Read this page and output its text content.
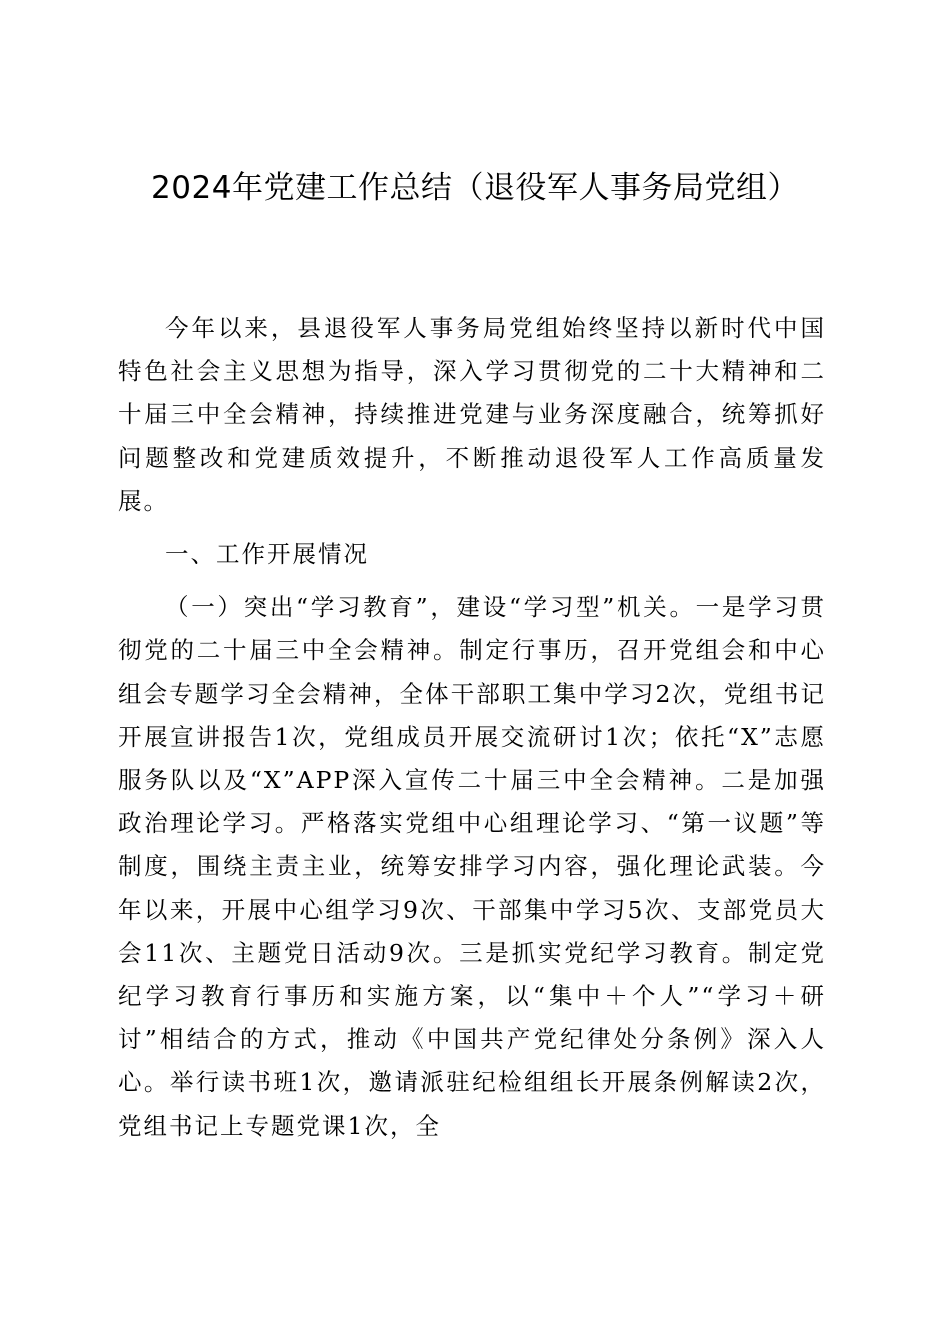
2024年党建工作总结（退役军人事务局党组）

今年以来，县退役军人事务局党组始终坚持以新时代中国特色社会主义思想为指导，深入学习贯彻党的二十大精神和二十届三中全会精神，持续推进党建与业务深度融合，统筹抓好问题整改和党建质效提升，不断推动退役军人工作高质量发展。

一、工作开展情况

（一）突出“学习教育”，建设“学习型”机关。一是学习贯彻党的二十届三中全会精神。制定行事历，召开党组会和中心组会专题学习全会精神，全体干部职工集中学习2次，党组书记开展宣讲报告1次，党组成员开展交流研讨1次；依托“X”志愿服务队以及“X”APP深入宣传二十届三中全会精神。二是加强政治理论学习。严格落实党组中心组理论学习、“第一议题”等制度，围绕主责主业，统筹安排学习内容，强化理论武装。今年以来，开展中心组学习9次、干部集中学习5次、支部党员大会11次、主题党日活动9次。三是抓实党纪学习教育。制定党纪学习教育行事历和实施方案，以“集中＋个人”“学习＋研讨”相结合的方式，推动《中国共产党纪律处分条例》深入人心。举行读书班1次，邀请派驻纪检组组长开展条例解读2次，党组书记上专题党课1次，全
